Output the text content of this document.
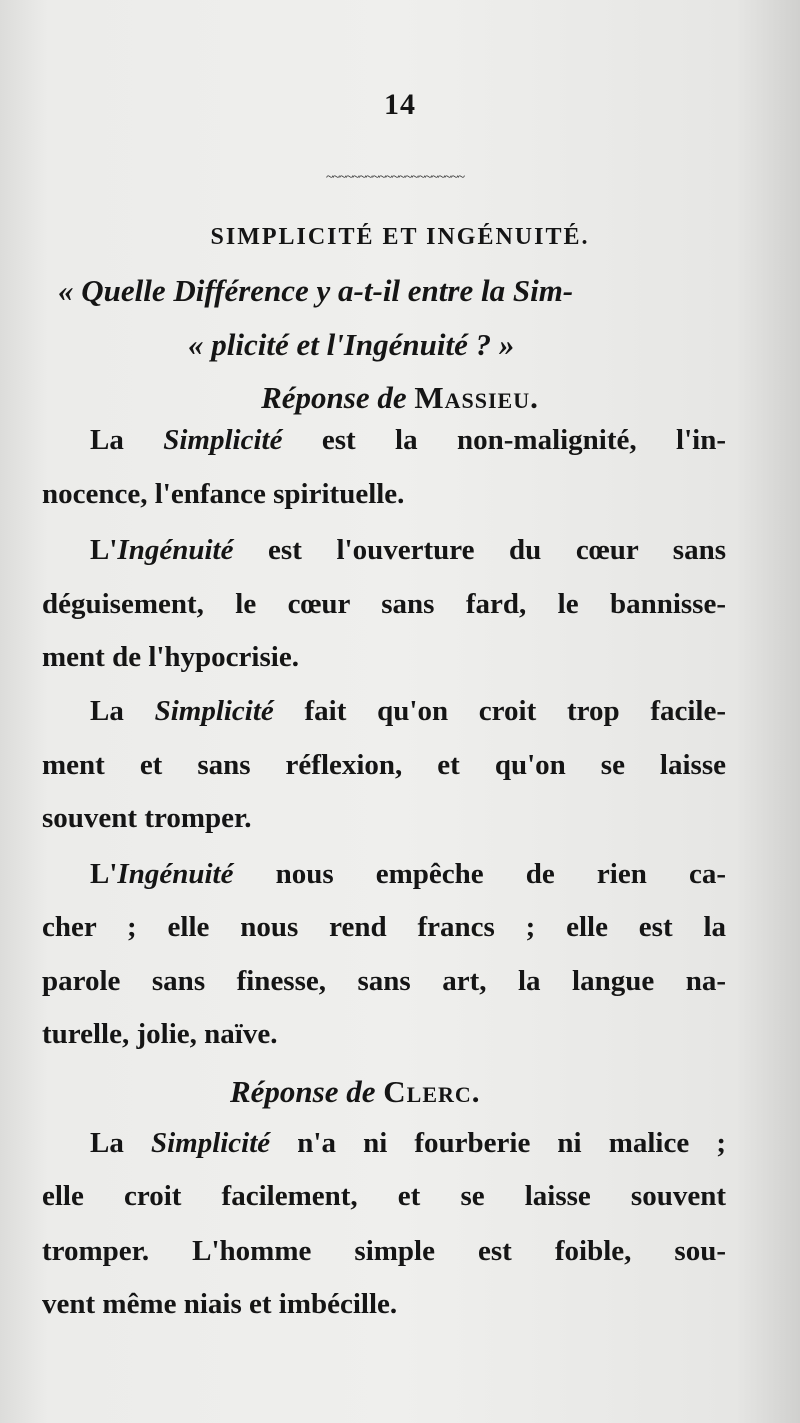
14
~~~~~~~~~~~~~~~~~~~~~
SIMPLICITÉ ET INGÉNUITÉ.
« Quelle Différence y a-t-il entre la Sim-
« plicité et l'Ingénuité ? »
Réponse de Massieu.
Réponse de Clerc.
La Simplicité est la non-malignité, l'in-
nocence, l'enfance spirituelle.
L'Ingénuité est l'ouverture du cœur sans
déguisement, le cœur sans fard, le bannisse-
ment de l'hypocrisie.
La Simplicité fait qu'on croit trop facile-
ment et sans réflexion, et qu'on se laisse
souvent tromper.
L'Ingénuité nous empêche de rien ca-
cher ; elle nous rend francs ; elle est la
parole sans finesse, sans art, la langue na-
turelle, jolie, naïve.
La Simplicité n'a ni fourberie ni malice ;
elle croit facilement, et se laisse souvent
tromper. L'homme simple est foible, sou-
vent même niais et imbécille.
